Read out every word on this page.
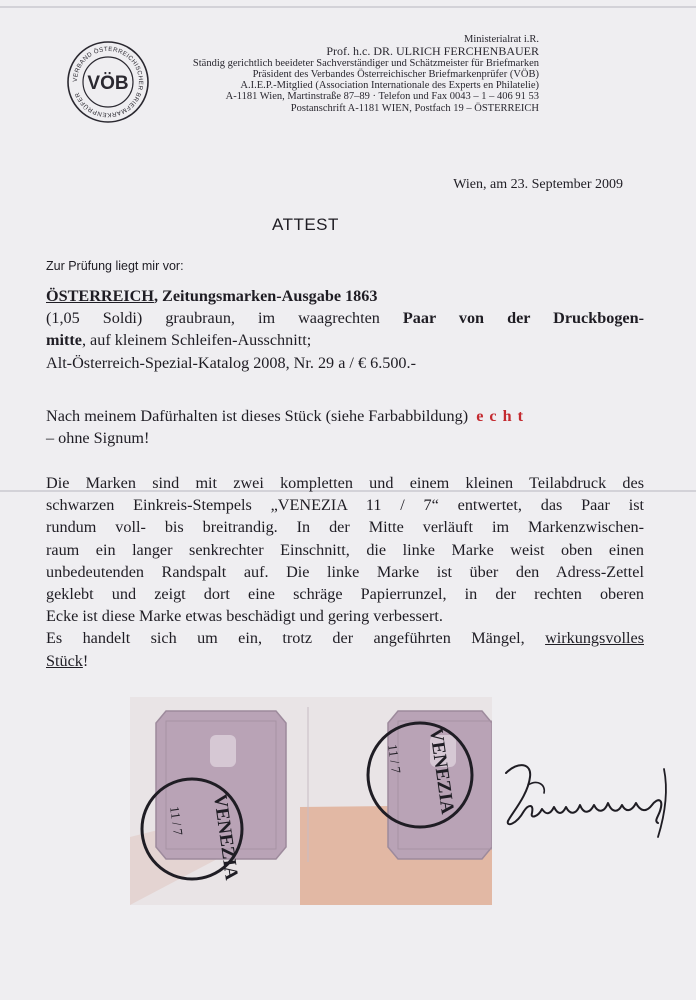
VERBAND ÖSTERREICHISCHER BRIEFMARKENPRÜFER
VÖB
Ministerialrat i.R.
Prof. h.c. DR. ULRICH FERCHENBAUER
Ständig gerichtlich beeideter Sachverständiger und Schätzmeister für Briefmarken
Präsident des Verbandes Österreichischer Briefmarkenprüfer (VÖB)
A.I.E.P.-Mitglied (Association Internationale des Experts en Philatelie)
A-1181 Wien, Martinstraße 87–89 · Telefon und Fax 0043 – 1 – 406 91 53
Postanschrift A-1181 WIEN, Postfach 19 – ÖSTERREICH
Wien, am 23. September 2009
ATTEST
Zur Prüfung liegt mir vor:
ÖSTERREICH, Zeitungsmarken-Ausgabe 1863
(1,05 Soldi) graubraun, im waagrechten Paar von der Druckbogen-
mitte, auf kleinem Schleifen-Ausschnitt;
Alt-Österreich-Spezial-Katalog 2008, Nr. 29 a / € 6.500.-
Nach meinem Dafürhalten ist dieses Stück (siehe Farbabbildung) echt
– ohne Signum!
Die Marken sind mit zwei kompletten und einem kleinen Teilabdruck des
schwarzen Einkreis-Stempels „VENEZIA 11 / 7“ entwertet, das Paar ist
rundum voll- bis breitrandig. In der Mitte verläuft im Markenzwischen-
raum ein langer senkrechter Einschnitt, die linke Marke weist oben einen
unbedeutenden Randspalt auf. Die linke Marke ist über den Adress-Zettel
geklebt und zeigt dort eine schräge Papierrunzel, in der rechten oberen
Ecke ist diese Marke etwas beschädigt und gering verbessert.
Es handelt sich um ein, trotz der angeführten Mängel, wirkungsvolles
Stück!
VENEZIA
11 / 7
VENEZIA
11 / 7
